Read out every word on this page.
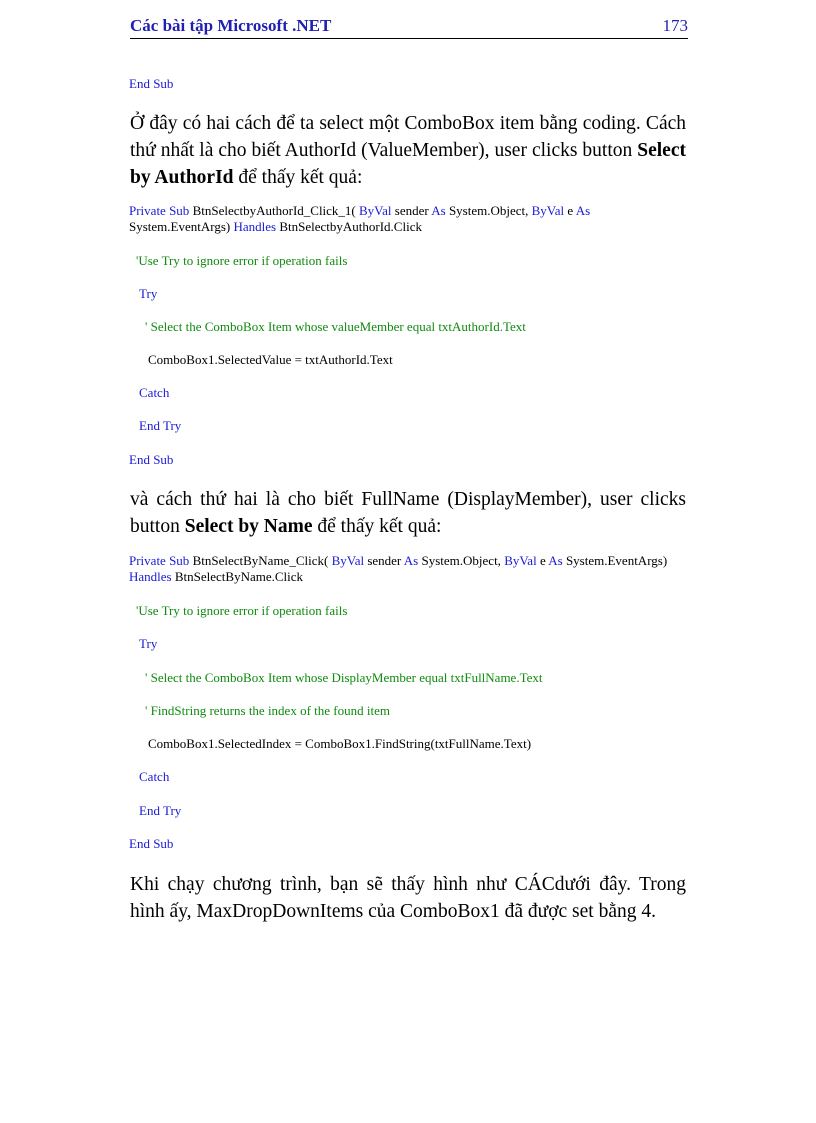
Các bài tập Microsoft .NET	173
End Sub
Ở đây có hai cách để ta select một ComboBox item bằng coding. Cách thứ nhất là cho biết AuthorId (ValueMember), user clicks button Select by AuthorId để thấy kết quả:
Private Sub BtnSelectbyAuthorId_Click_1( ByVal sender As System.Object, ByVal e As
System.EventArgs) Handles BtnSelectbyAuthorId.Click
'Use Try to ignore error if operation fails
Try
' Select the ComboBox Item whose valueMember equal txtAuthorId.Text
ComboBox1.SelectedValue = txtAuthorId.Text
Catch
End Try
End Sub
và cách thứ hai là cho biết FullName (DisplayMember), user clicks button Select by Name để thấy kết quả:
Private Sub BtnSelectByName_Click( ByVal sender As System.Object, ByVal e As System.EventArgs)
Handles BtnSelectByName.Click
'Use Try to ignore error if operation fails
Try
' Select the ComboBox Item whose DisplayMember equal txtFullName.Text
' FindString returns the index of the found item
ComboBox1.SelectedIndex = ComboBox1.FindString(txtFullName.Text)
Catch
End Try
End Sub
Khi chạy chương trình, bạn sẽ thấy hình như CÁCdưới đây. Trong hình ấy, MaxDropDownItems của ComboBox1 đã được set bằng 4.
